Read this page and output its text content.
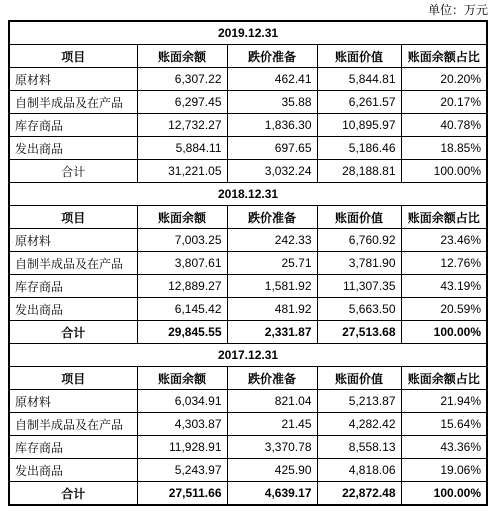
单位：万元
2019.12.31				
项目	账面余额	跌价准备	账面价值	账面余额占比
原材料	6,307.22	462.41	5,844.81	20.20%
自制半成品及在产品	6,297.45	35.88	6,261.57	20.17%
库存商品	12,732.27	1,836.30	10,895.97	40.78%
发出商品	5,884.11	697.65	5,186.46	18.85%
合计	31,221.05	3,032.24	28,188.81	100.00%
2018.12.31				
项目	账面余额	跌价准备	账面价值	账面余额占比
原材料	7,003.25	242.33	6,760.92	23.46%
自制半成品及在产品	3,807.61	25.71	3,781.90	12.76%
库存商品	12,889.27	1,581.92	11,307.35	43.19%
发出商品	6,145.42	481.92	5,663.50	20.59%
合计	29,845.55	2,331.87	27,513.68	100.00%
2017.12.31				
项目	账面余额	跌价准备	账面价值	账面余额占比
原材料	6,034.91	821.04	5,213.87	21.94%
自制半成品及在产品	4,303.87	21.45	4,282.42	15.64%
库存商品	11,928.91	3,370.78	8,558.13	43.36%
发出商品	5,243.97	425.90	4,818.06	19.06%
合计	27,511.66	4,639.17	22,872.48	100.00%
